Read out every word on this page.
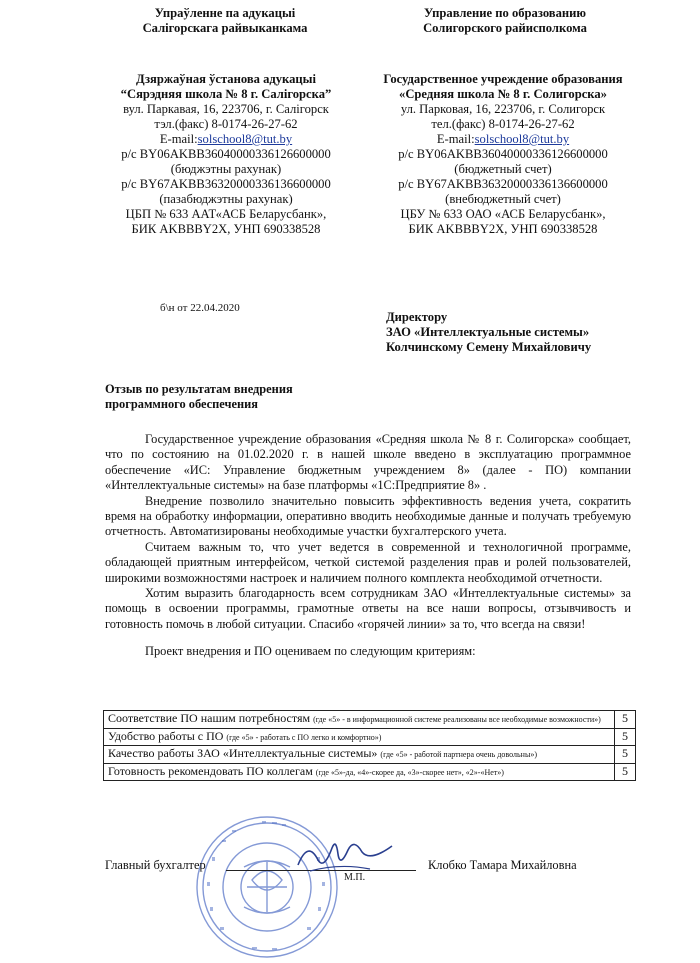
Упраўленне па адукацыі
Салігорскага райвыканкама
Дзяржаўная ўстанова адукацыі
“Сярэдняя школа № 8 г. Салігорска”
вул. Паркавая, 16, 223706, г. Салігорск
тэл.(факс) 8-0174-26-27-62
E-mail:solschool8@tut.by
р/с BY06AKBB36040000336126600000
(бюджэтны рахунак)
р/с BY67AKBB36320000336136600000
(пазабюджэтны рахунак)
ЦБП № 633 ААТ«АСБ Беларусбанк»,
БИК AKBBBY2X, УНП 690338528
Управление по образованию
Солигорского райисполкома
Государственное учреждение образования
«Средняя школа № 8 г. Солигорска»
ул. Парковая, 16, 223706, г. Солигорск
тел.(факс) 8-0174-26-27-62
E-mail:solschool8@tut.by
р/с BY06AKBB36040000336126600000
(бюджетный счет)
р/с BY67AKBB36320000336136600000
(внебюджетный счет)
ЦБУ № 633 ОАО «АСБ Беларусбанк»,
БИК AKBBBY2X, УНП 690338528
б\н от 22.04.2020
Директору
ЗАО «Интеллектуальные системы»
Колчинскому Семену Михайловичу
Отзыв по результатам внедрения
программного обеспечения
Государственное учреждение образования «Средняя школа № 8 г. Солигорска» сообщает, что по состоянию на 01.02.2020 г. в нашей школе введено в эксплуатацию программное обеспечение «ИС: Управление бюджетным учреждением 8» (далее - ПО) компании «Интеллектуальные системы» на базе платформы «1С:Предприятие 8» .
Внедрение позволило значительно повысить эффективность ведения учета, сократить время на обработку информации, оперативно вводить необходимые данные и получать требуемую отчетность. Автоматизированы необходимые участки бухгалтерского учета.
Считаем важным то, что учет ведется в современной и технологичной программе, обладающей приятным интерфейсом, четкой системой разделения прав и ролей пользователей, широкими возможностями настроек и наличием полного комплекта необходимой отчетности.
Хотим выразить благодарность всем сотрудникам ЗАО «Интеллектуальные системы» за помощь в освоении программы, грамотные ответы на все наши вопросы, отзывчивость и готовность помочь в любой ситуации. Спасибо «горячей линии» за то, что всегда на связи!
Проект внедрения и ПО оцениваем по следующим критериям:
Соответствие ПО нашим потребностям (где «5» - в информационной системе реализованы все необходимые возможности»)	5
Удобство работы с ПО (где «5» - работать с ПО легко и комфортно»)	5
Качество работы ЗАО «Интеллектуальные системы» (где «5» - работой партнера очень довольны»)	5
Готовность рекомендовать ПО коллегам (где «5»-да, «4»-скорее да, «3»-скорее нет», «2»-«Нет»)	5
Главный бухгалтер
М.П.
Клобко Тамара Михайловна
